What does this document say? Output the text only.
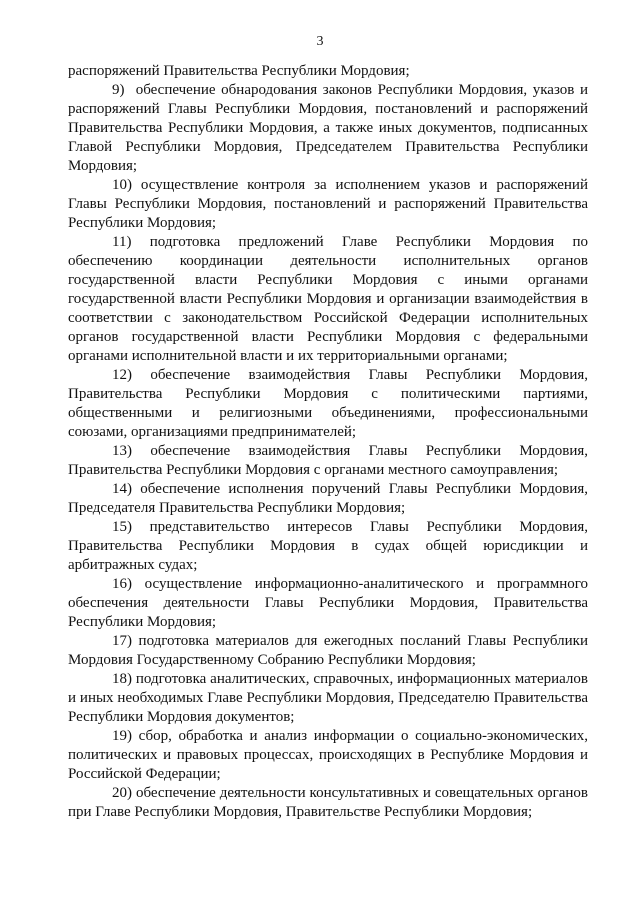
3

распоряжений Правительства Республики Мордовия;

9)  обеспечение обнародования законов Республики Мордовия, указов и распоряжений Главы Республики Мордовия, постановлений и распоряжений Правительства Республики Мордовия, а также иных документов, подписанных Главой Республики Мордовия, Председателем Правительства Республики Мордовия;

10) осуществление контроля за исполнением указов и распоряжений Главы Республики Мордовия, постановлений и распоряжений Правительства Республики Мордовия;

11) подготовка предложений Главе Республики Мордовия по обеспечению координации деятельности исполнительных органов государственной власти Республики Мордовия с иными органами государственной власти Республики Мордовия и организации взаимодействия в соответствии с законодательством Российской Федерации исполнительных органов государственной власти Республики Мордовия с федеральными органами исполнительной власти и их территориальными органами;

12) обеспечение взаимодействия Главы Республики Мордовия, Правительства Республики Мордовия с политическими партиями, общественными и религиозными объединениями, профессиональными союзами, организациями предпринимателей;

13) обеспечение взаимодействия Главы Республики Мордовия, Правительства Республики Мордовия с органами местного самоуправления;

14) обеспечение исполнения поручений Главы Республики Мордовия, Председателя Правительства Республики Мордовия;

15) представительство интересов Главы Республики Мордовия, Правительства Республики Мордовия в судах общей юрисдикции и арбитражных судах;

16) осуществление информационно-аналитического и программного обеспечения деятельности Главы Республики Мордовия, Правительства Республики Мордовия;

17) подготовка материалов для ежегодных посланий Главы Республики Мордовия Государственному Собранию Республики Мордовия;

18) подготовка аналитических, справочных, информационных материалов и иных необходимых Главе Республики Мордовия, Председателю Правительства Республики Мордовия документов;

19) сбор, обработка и анализ информации о социально-экономических, политических и правовых процессах, происходящих в Республике Мордовия и Российской Федерации;

20) обеспечение деятельности консультативных и совещательных органов при Главе Республики Мордовия, Правительстве Республики Мордовия;
